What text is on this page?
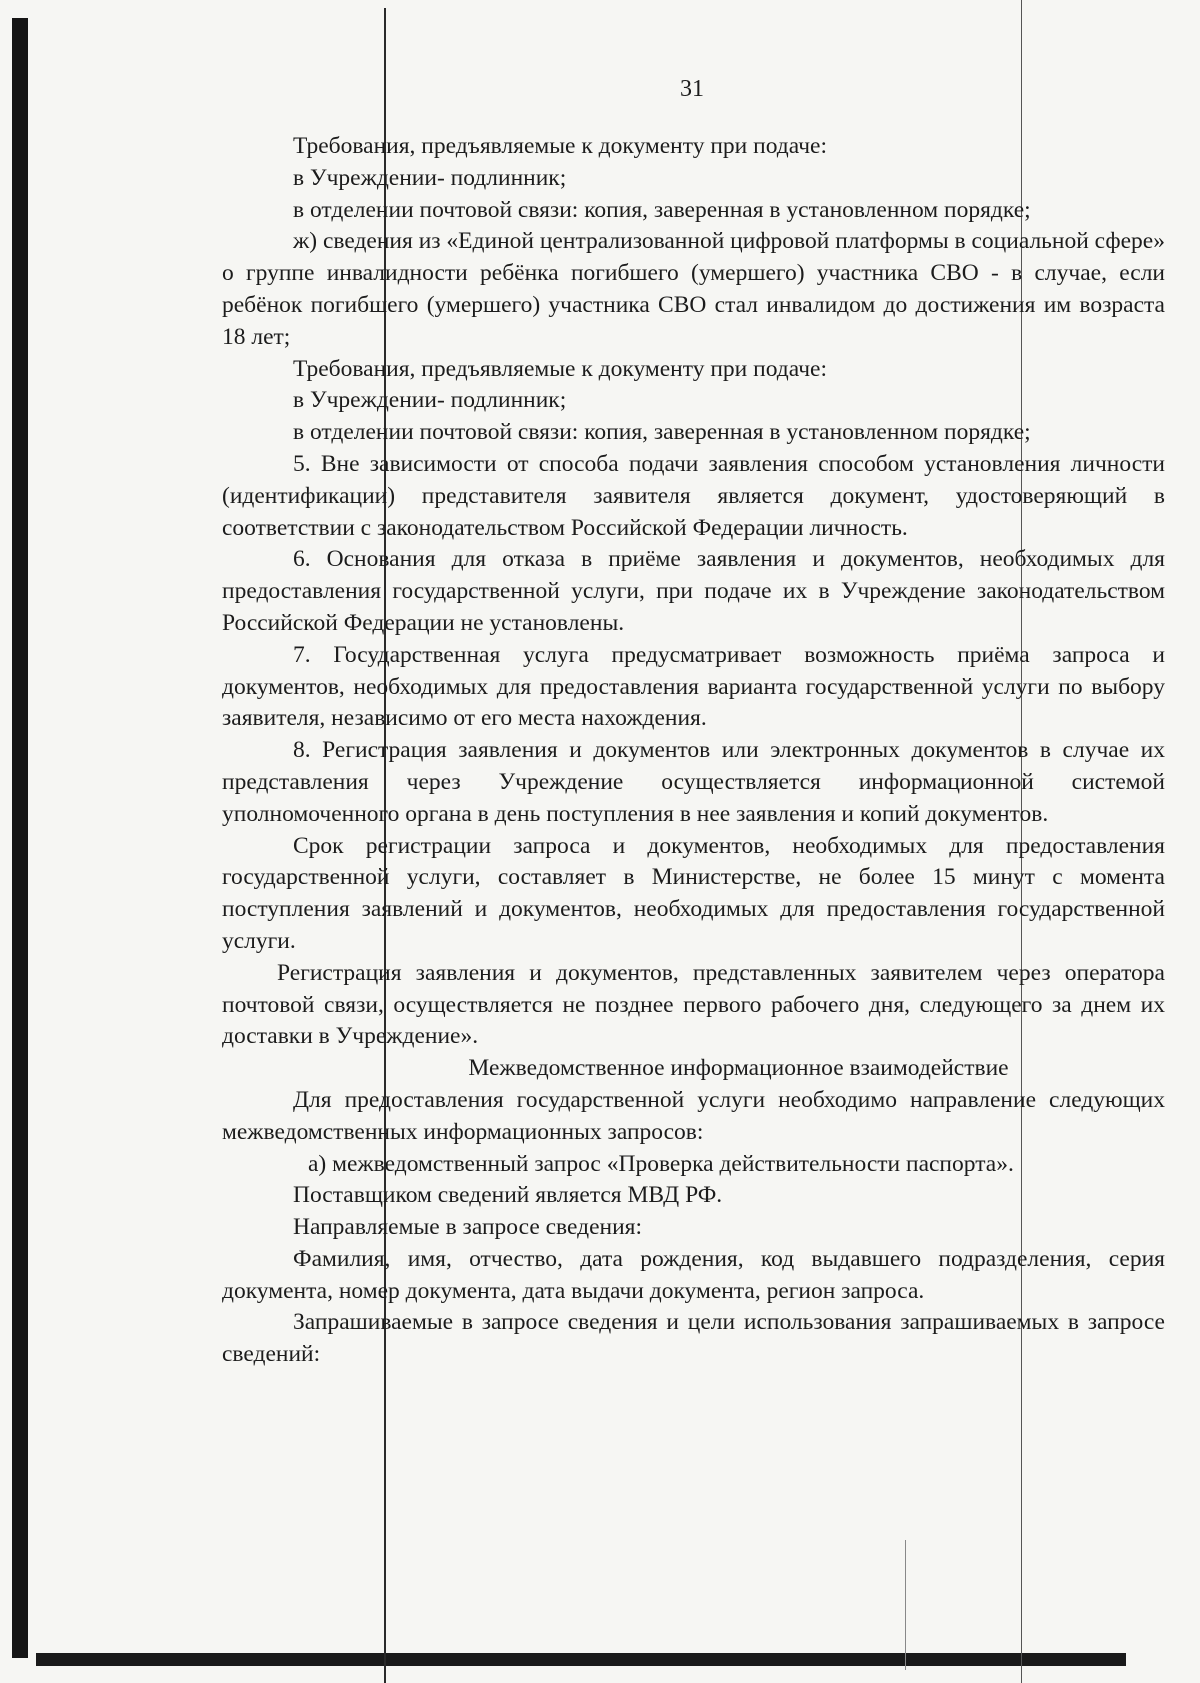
31

Требования, предъявляемые к документу при подаче:

в Учреждении- подлинник;

в отделении почтовой связи: копия, заверенная в установленном порядке;

ж) сведения из «Единой централизованной цифровой платформы в социальной сфере» о группе инвалидности ребёнка погибшего (умершего) участника СВО - в случае, если ребёнок погибшего (умершего) участника СВО стал инвалидом до достижения им возраста 18 лет;

Требования, предъявляемые к документу при подаче:

в Учреждении- подлинник;

в отделении почтовой связи: копия, заверенная в установленном порядке;

5. Вне зависимости от способа подачи заявления способом установления личности (идентификации) представителя заявителя является документ, удостоверяющий в соответствии с законодательством Российской Федерации личность.

6. Основания для отказа в приёме заявления и документов, необходимых для предоставления государственной услуги, при подаче их в Учреждение законодательством Российской Федерации не установлены.

7. Государственная услуга предусматривает возможность приёма запроса и документов, необходимых для предоставления варианта государственной услуги по выбору заявителя, независимо от его места нахождения.

8. Регистрация заявления и документов или электронных документов в случае их представления через Учреждение осуществляется информационной системой уполномоченного органа в день поступления в нее заявления и копий документов.

Срок регистрации запроса и документов, необходимых для предоставления государственной услуги, составляет в Министерстве, не более 15 минут с момента поступления заявлений и документов, необходимых для предоставления государственной услуги.

Регистрация заявления и документов, представленных заявителем через оператора почтовой связи, осуществляется не позднее первого рабочего дня, следующего за днем их доставки в Учреждение».

Межведомственное информационное взаимодействие

Для предоставления государственной услуги необходимо направление следующих межведомственных информационных запросов:

а) межведомственный запрос «Проверка действительности паспорта».

Поставщиком сведений является МВД РФ.

Направляемые в запросе сведения:

Фамилия, имя, отчество, дата рождения, код выдавшего подразделения, серия документа, номер документа, дата выдачи документа, регион запроса.

Запрашиваемые в запросе сведения и цели использования запрашиваемых в запросе сведений:
